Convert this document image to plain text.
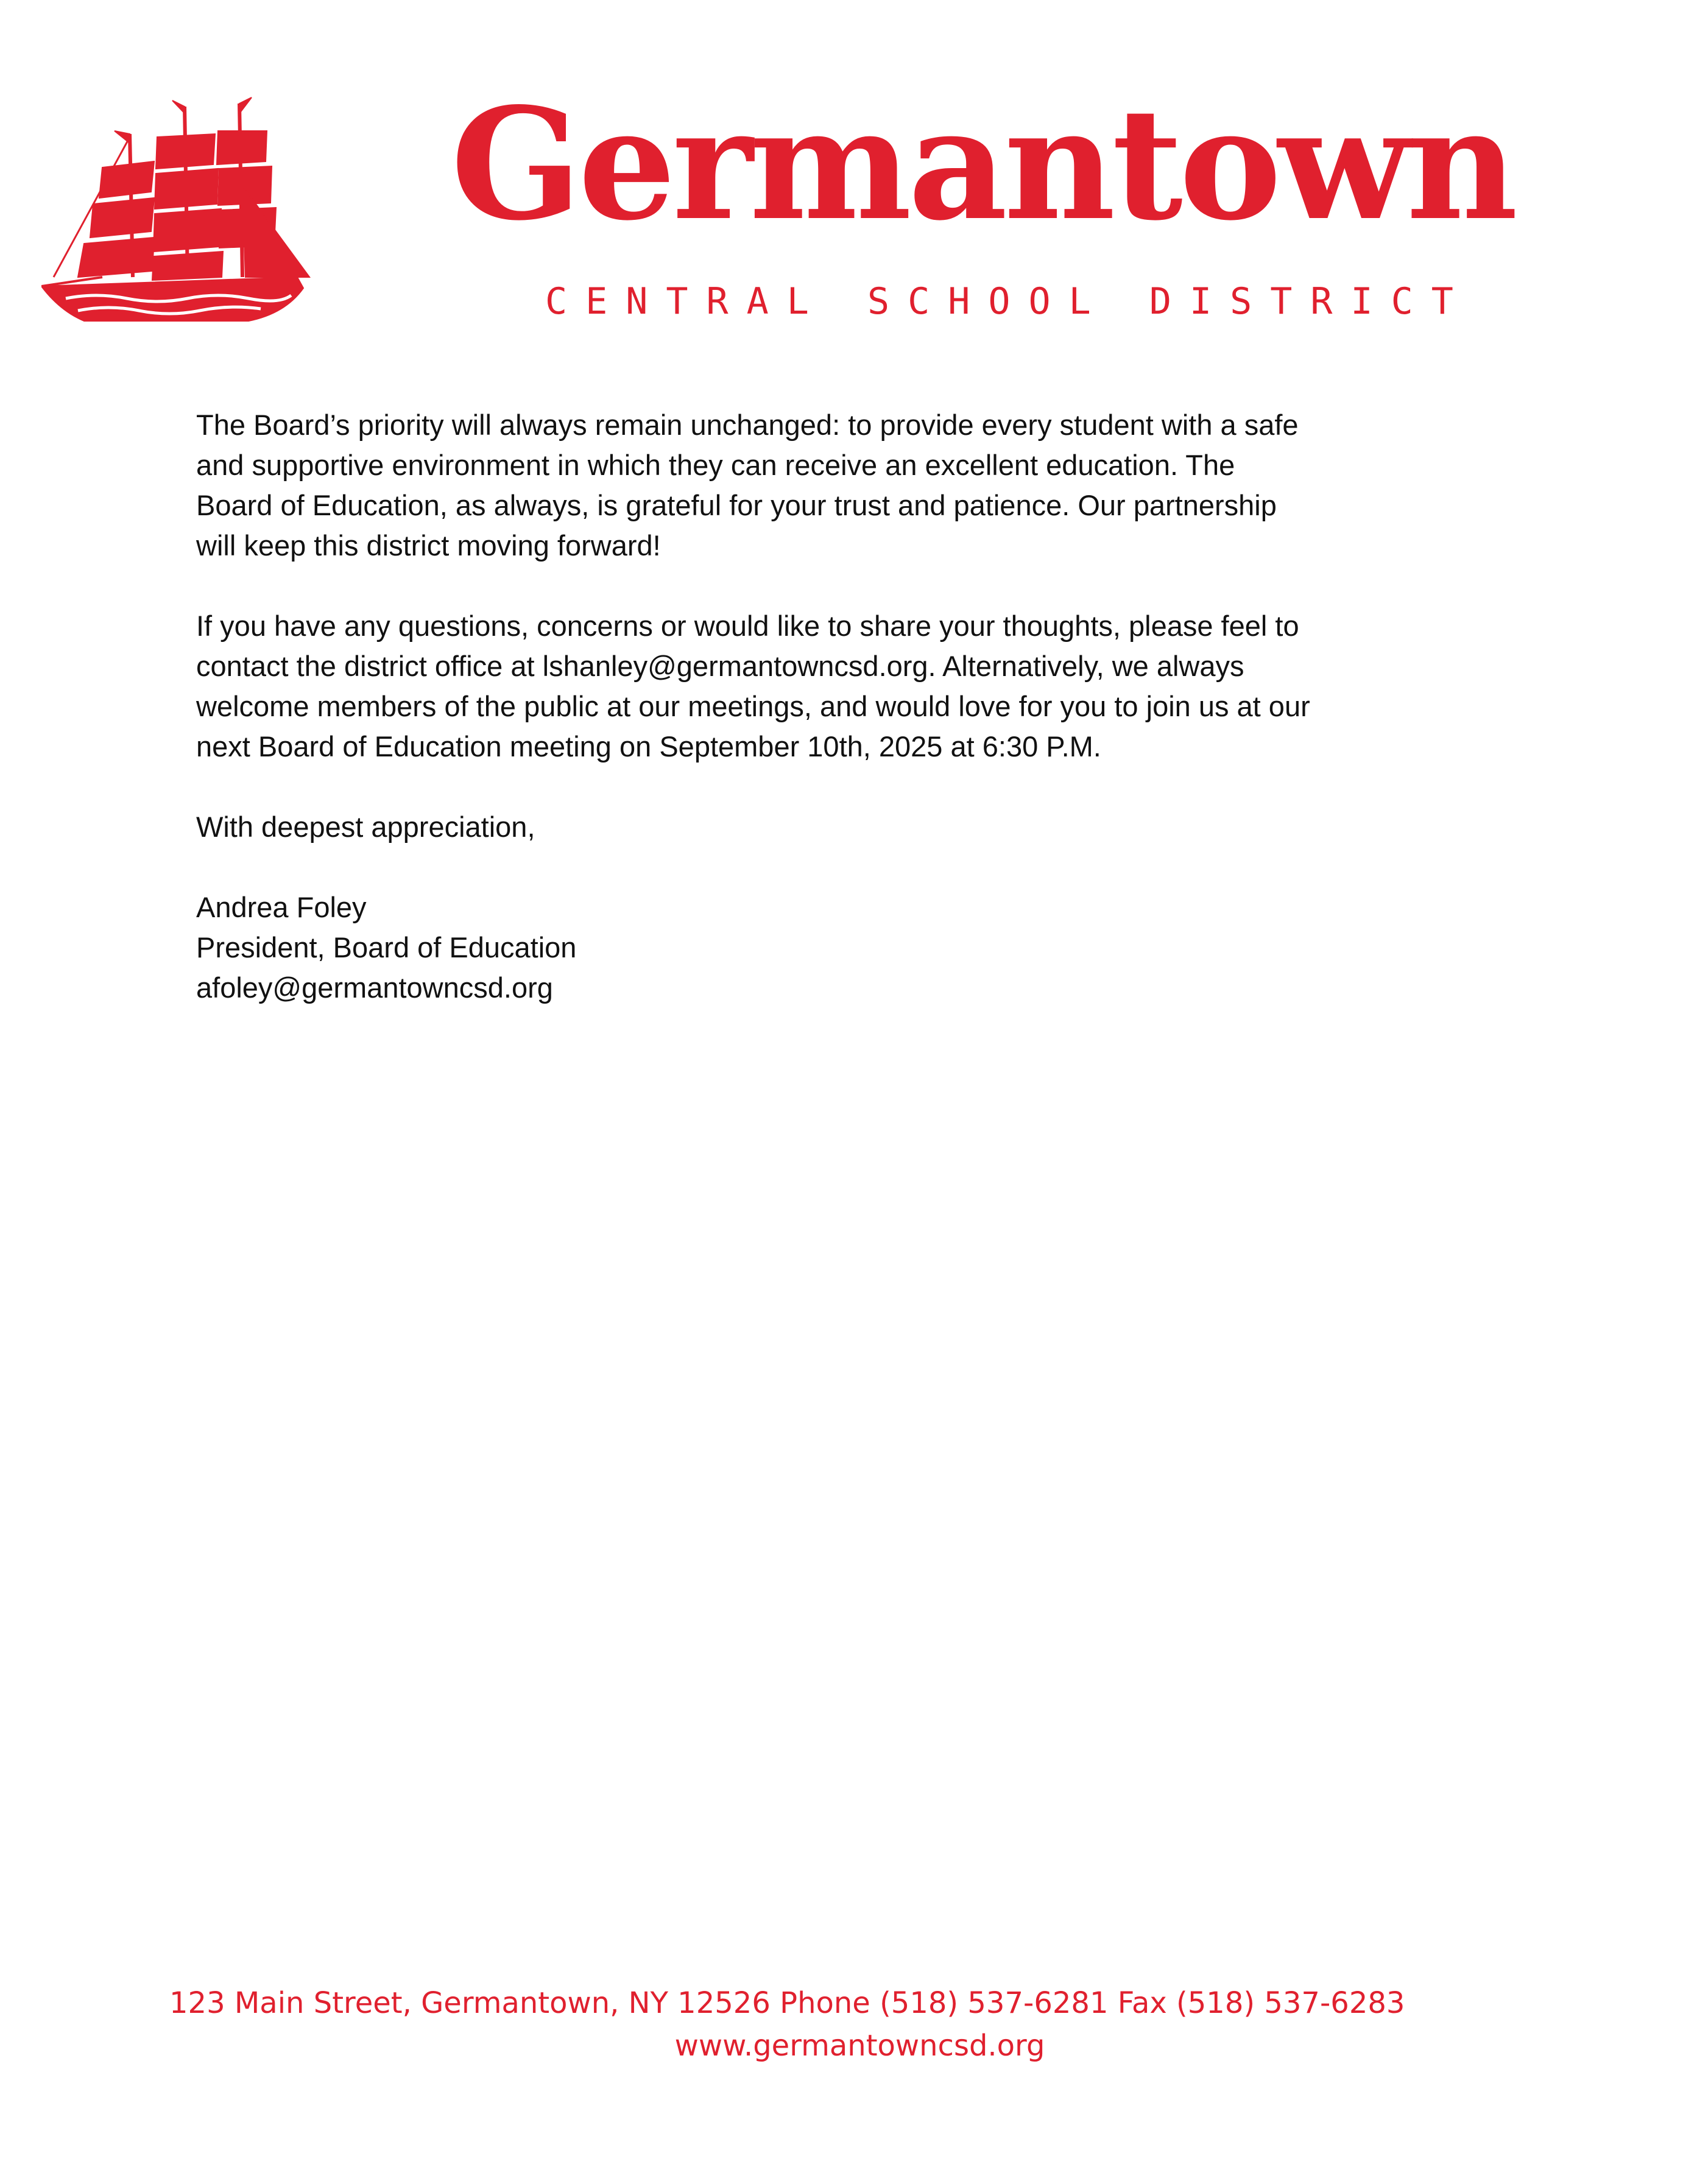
Germantown
CENTRAL SCHOOL DISTRICT
The Board’s priority will always remain unchanged: to provide every student with a safe
and supportive environment in which they can receive an excellent education. The
Board of Education, as always, is grateful for your trust and patience. Our partnership
will keep this district moving forward!
If you have any questions, concerns or would like to share your thoughts, please feel to
contact the district office at lshanley@germantowncsd.org. Alternatively, we always
welcome members of the public at our meetings, and would love for you to join us at our
next Board of Education meeting on September 10th, 2025 at 6:30 P.M.
With deepest appreciation,
Andrea Foley
President, Board of Education
afoley@germantowncsd.org
123 Main Street, Germantown, NY 12526 Phone (518) 537-6281 Fax (518) 537-6283
www.germantowncsd.org
